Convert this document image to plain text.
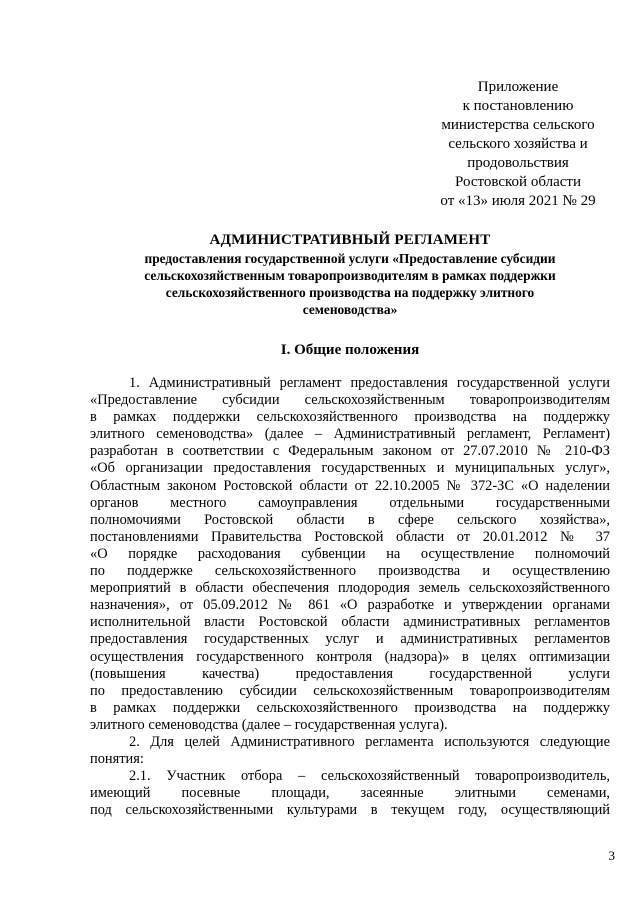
Приложение
к постановлению
министерства сельского
сельского хозяйства и
продовольствия
Ростовской области
от «13» июля 2021 № 29
АДМИНИСТРАТИВНЫЙ РЕГЛАМЕНТ
предоставления государственной услуги «Предоставление субсидии
сельскохозяйственным товаропроизводителям в рамках поддержки
сельскохозяйственного производства на поддержку элитного
семеноводства»
I. Общие положения
1. Административный регламент предоставления государственной услуги
«Предоставление субсидии сельскохозяйственным товаропроизводителям
в рамках поддержки сельскохозяйственного производства на поддержку
элитного семеноводства» (далее – Административный регламент, Регламент)
разработан в соответствии с Федеральным законом от 27.07.2010 № 210-ФЗ
«Об организации предоставления государственных и муниципальных услуг»,
Областным законом Ростовской области от 22.10.2005 № 372-ЗС «О наделении
органов местного самоуправления отдельными государственными
полномочиями Ростовской области в сфере сельского хозяйства»,
постановлениями Правительства Ростовской области от 20.01.2012 № 37
«О порядке расходования субвенции на осуществление полномочий
по поддержке сельскохозяйственного производства и осуществлению
мероприятий в области обеспечения плодородия земель сельскохозяйственного
назначения», от 05.09.2012 № 861 «О разработке и утверждении органами
исполнительной власти Ростовской области административных регламентов
предоставления государственных услуг и административных регламентов
осуществления государственного контроля (надзора)» в целях оптимизации
(повышения качества) предоставления государственной услуги
по предоставлению субсидии сельскохозяйственным товаропроизводителям
в рамках поддержки сельскохозяйственного производства на поддержку
элитного семеноводства (далее – государственная услуга).
2. Для целей Административного регламента используются следующие
понятия:
2.1. Участник отбора – сельскохозяйственный товаропроизводитель,
имеющий посевные площади, засеянные элитными семенами,
под сельскохозяйственными культурами в текущем году, осуществляющий
3
